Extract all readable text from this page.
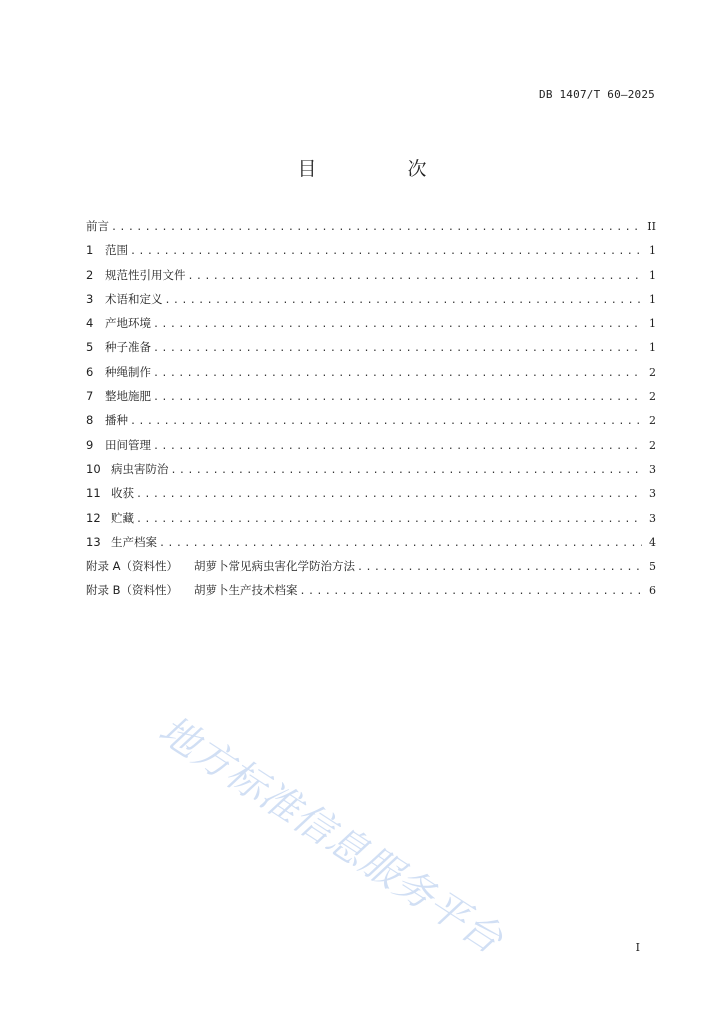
DB 1407/T 60—2025
目　次
前言 .....	II
1 范围 .....	1
2 规范性引用文件 .....	1
3 术语和定义 .....	1
4 产地环境 .....	1
5 种子准备 .....	1
6 种绳制作 .....	2
7 整地施肥 .....	2
8 播种 .....	2
9 田间管理 .....	2
10 病虫害防治 .....	3
11 收获 .....	3
12 贮藏 .....	3
13 生产档案 .....	4
附录 A（资料性） 胡萝卜常见病虫害化学防治方法 .....	5
附录 B（资料性） 胡萝卜生产技术档案 .....	6
地方标准信息服务平台	I
